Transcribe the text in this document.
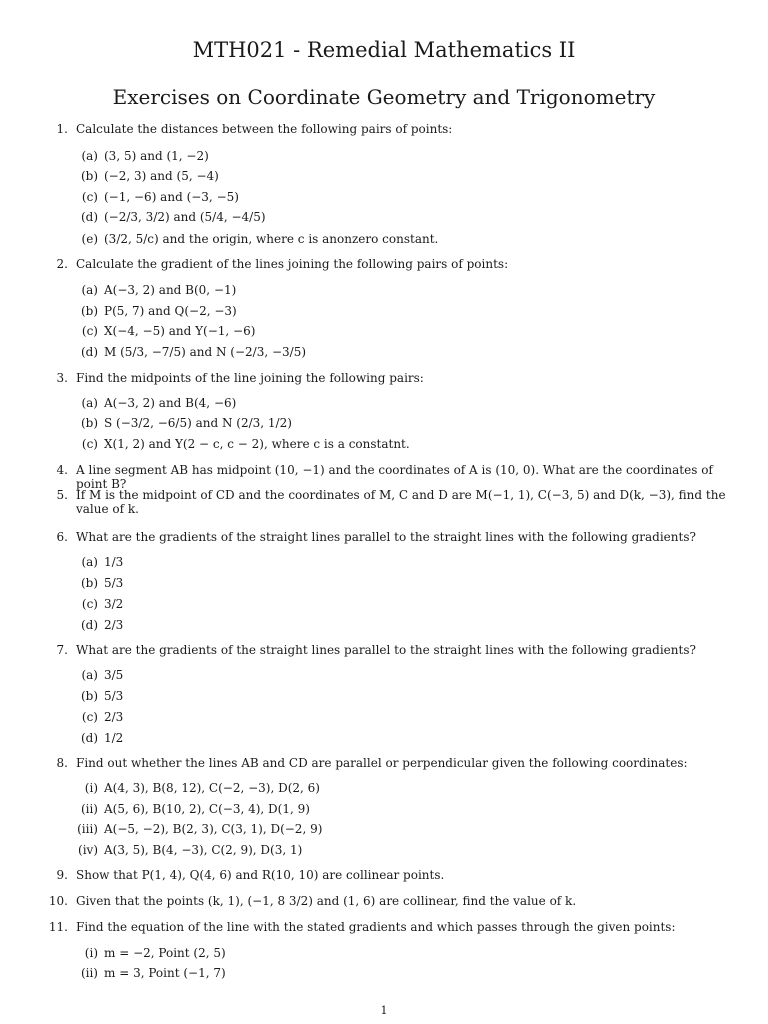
MTH021 - Remedial Mathematics II
Exercises on Coordinate Geometry and Trigonometry
1. Calculate the distances between the following pairs of points:
(a) (3, 5) and (1, −2)
(b) (−2, 3) and (5, −4)
(c) (−1, −6) and (−3, −5)
(d) (−2/3, 3/2) and (5/4, −4/5)
(e) (3/2, 5/c) and the origin, where c is anonzero constant.
2. Calculate the gradient of the lines joining the following pairs of points:
(a) A(−3, 2) and B(0, −1)
(b) P(5, 7) and Q(−2, −3)
(c) X(−4, −5) and Y(−1, −6)
(d) M (5/3, −7/5) and N (−2/3, −3/5)
3. Find the midpoints of the line joining the following pairs:
(a) A(−3, 2) and B(4, −6)
(b) S (−3/2, −6/5) and N (2/3, 1/2)
(c) X(1, 2) and Y(2 − c, c − 2), where c is a constatnt.
4. A line segment AB has midpoint (10, −1) and the coordinates of A is (10, 0). What are the coordinates of point B?
5. If M is the midpoint of CD and the coordinates of M, C and D are M(−1, 1), C(−3, 5) and D(k, −3), find the value of k.
6. What are the gradients of the straight lines parallel to the straight lines with the following gradients?
(a) 1/3
(b) 5/3
(c) 3/2
(d) 2/3
7. What are the gradients of the straight lines parallel to the straight lines with the following gradients?
(a) 3/5
(b) 5/3
(c) 2/3
(d) 1/2
8. Find out whether the lines AB and CD are parallel or perpendicular given the following coordinates:
(i) A(4, 3), B(8, 12), C(−2, −3), D(2, 6)
(ii) A(5, 6), B(10, 2), C(−3, 4), D(1, 9)
(iii) A(−5, −2), B(2, 3), C(3, 1), D(−2, 9)
(iv) A(3, 5), B(4, −3), C(2, 9), D(3, 1)
9. Show that P(1, 4), Q(4, 6) and R(10, 10) are collinear points.
10. Given that the points (k, 1), (−1, 8 3/2) and (1, 6) are collinear, find the value of k.
11. Find the equation of the line with the stated gradients and which passes through the given points:
(i) m = −2, Point (2, 5)
(ii) m = 3, Point (−1, 7)
1
